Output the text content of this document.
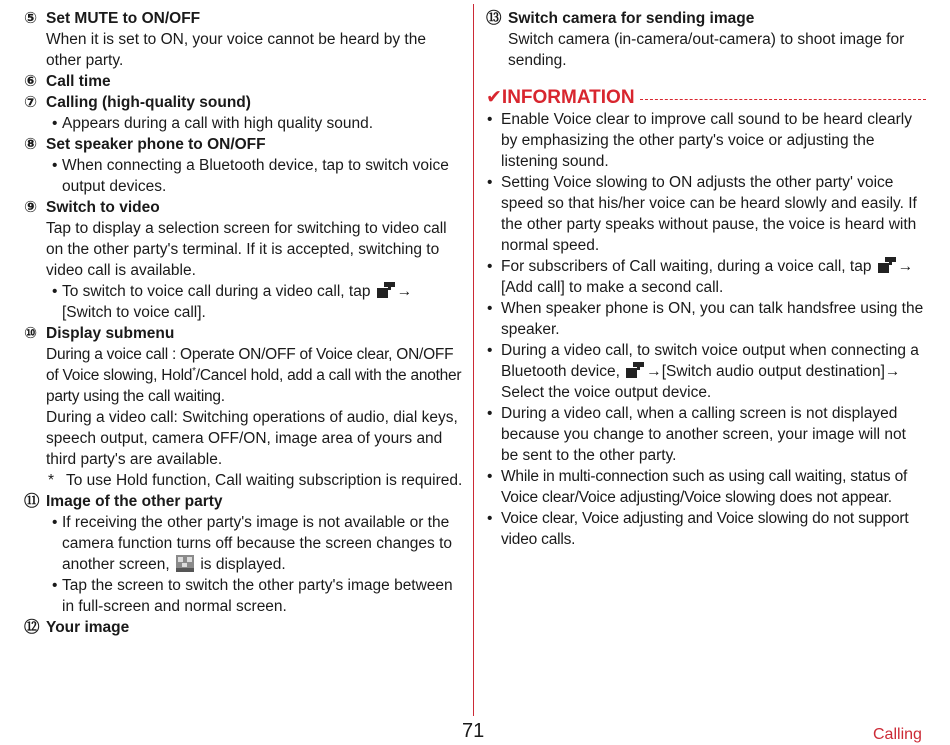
⑤ Set MUTE to ON/OFF
When it is set to ON, your voice cannot be heard by the other party.
⑥ Call time
⑦ Calling (high-quality sound)
• Appears during a call with high quality sound.
⑧ Set speaker phone to ON/OFF
• When connecting a Bluetooth device, tap to switch voice output devices.
⑨ Switch to video
Tap to display a selection screen for switching to video call on the other party's terminal. If it is accepted, switching to video call is available.
• To switch to voice call during a video call, tap →
[Switch to voice call].
⑩ Display submenu
During a voice call : Operate ON/OFF of Voice clear, ON/OFF of Voice slowing, Hold*/Cancel hold, add a call with the another party using the call waiting.
During a video call: Switching operations of audio, dial keys, speech output, camera OFF/ON, image area of yours and third party's are available.
* To use Hold function, Call waiting subscription is required.
⑪ Image of the other party
• If receiving the other party's image is not available or the camera function turns off because the screen changes to another screen, is displayed.
• Tap the screen to switch the other party's image between in full-screen and normal screen.
⑫ Your image
⑬ Switch camera for sending image
Switch camera (in-camera/out-camera) to shoot image for sending.
✔INFORMATION
• Enable Voice clear to improve call sound to be heard clearly by emphasizing the other party's voice or adjusting the listening sound.
• Setting Voice slowing to ON adjusts the other party' voice speed so that his/her voice can be heard slowly and easily. If the other party speaks without pause, the voice is heard with normal speed.
• For subscribers of Call waiting, during a voice call, tap →
[Add call] to make a second call.
• When speaker phone is ON, you can talk handsfree using the speaker.
• During a video call, to switch voice output when connecting a Bluetooth device, →[Switch audio output destination]→
Select the voice output device.
• During a video call, when a calling screen is not displayed because you change to another screen, your image will not be sent to the other party.
• While in multi-connection such as using call waiting, status of Voice clear/Voice adjusting/Voice slowing does not appear.
• Voice clear, Voice adjusting and Voice slowing do not support video calls.
71	Calling
